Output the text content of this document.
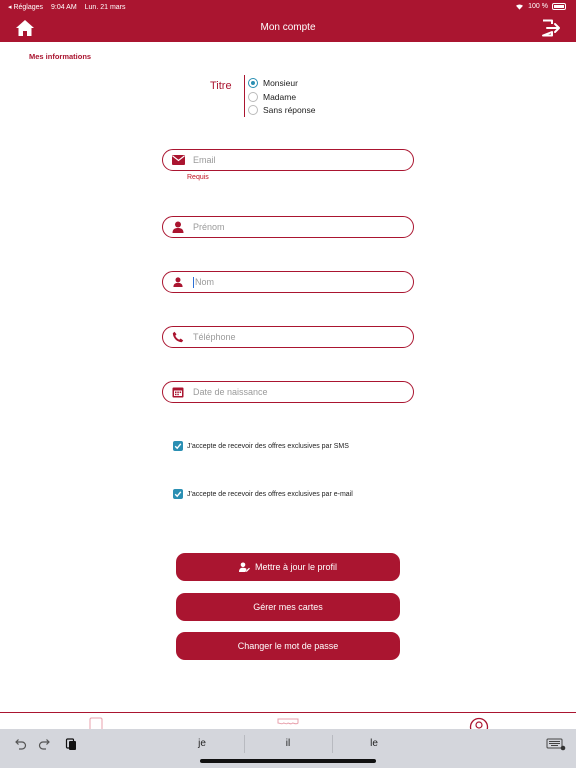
◂ Réglages 9:04 AM Lun. 21 mars	100 %
Mon compte
Mes informations
Titre	Monsieur
Madame
Sans réponse
Email
Requis
Prénom
Nom
Téléphone
Date de naissance
J'accepte de recevoir des offres exclusives par SMS
J'accepte de recevoir des offres exclusives par e-mail
Mettre à jour le profil
Gérer mes cartes
Changer le mot de passe
je	il	le
